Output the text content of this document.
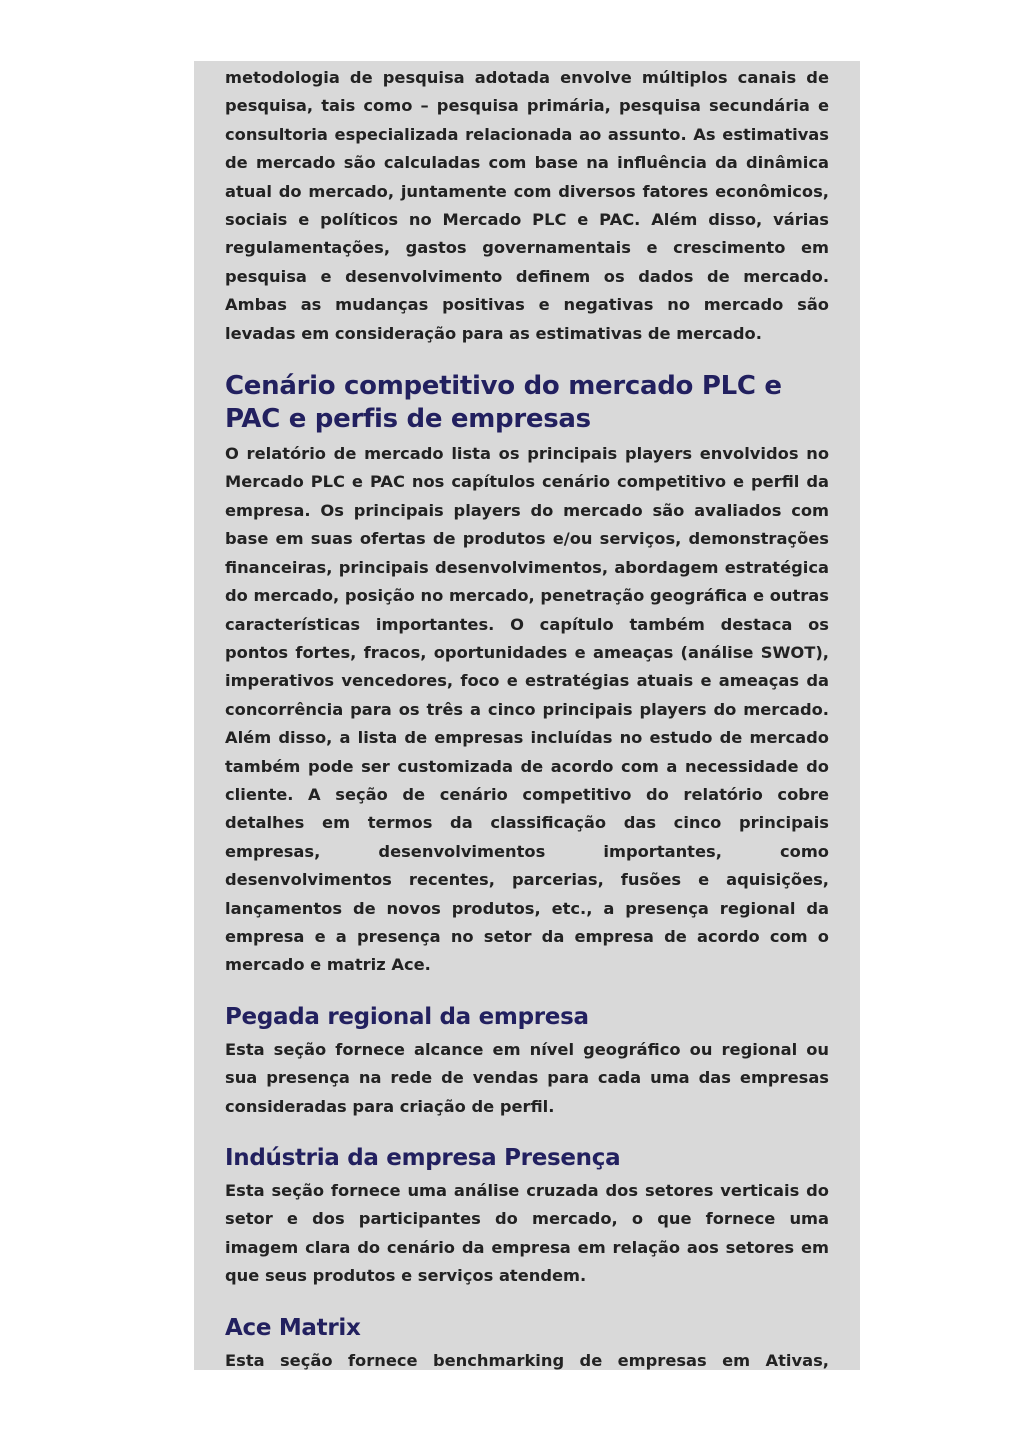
metodologia de pesquisa adotada envolve múltiplos canais de pesquisa, tais como – pesquisa primária, pesquisa secundária e consultoria especializada relacionada ao assunto. As estimativas de mercado são calculadas com base na influência da dinâmica atual do mercado, juntamente com diversos fatores econômicos, sociais e políticos no Mercado PLC e PAC. Além disso, várias regulamentações, gastos governamentais e crescimento em pesquisa e desenvolvimento definem os dados de mercado. Ambas as mudanças positivas e negativas no mercado são levadas em consideração para as estimativas de mercado.

Cenário competitivo do mercado PLC e PAC e perfis de empresas

O relatório de mercado lista os principais players envolvidos no Mercado PLC e PAC nos capítulos cenário competitivo e perfil da empresa. Os principais players do mercado são avaliados com base em suas ofertas de produtos e/ou serviços, demonstrações financeiras, principais desenvolvimentos, abordagem estratégica do mercado, posição no mercado, penetração geográfica e outras características importantes. O capítulo também destaca os pontos fortes, fracos, oportunidades e ameaças (análise SWOT), imperativos vencedores, foco e estratégias atuais e ameaças da concorrência para os três a cinco principais players do mercado. Além disso, a lista de empresas incluídas no estudo de mercado também pode ser customizada de acordo com a necessidade do cliente. A seção de cenário competitivo do relatório cobre detalhes em termos da classificação das cinco principais empresas, desenvolvimentos importantes, como desenvolvimentos recentes, parcerias, fusões e aquisições, lançamentos de novos produtos, etc., a presença regional da empresa e a presença no setor da empresa de acordo com o mercado e matriz Ace.

Pegada regional da empresa

Esta seção fornece alcance em nível geográfico ou regional ou sua presença na rede de vendas para cada uma das empresas consideradas para criação de perfil.

Indústria da empresa Presença

Esta seção fornece uma análise cruzada dos setores verticais do setor e dos participantes do mercado, o que fornece uma imagem clara do cenário da empresa em relação aos setores em que seus produtos e serviços atendem.

Ace Matrix

Esta seção fornece benchmarking de empresas em Ativas,
